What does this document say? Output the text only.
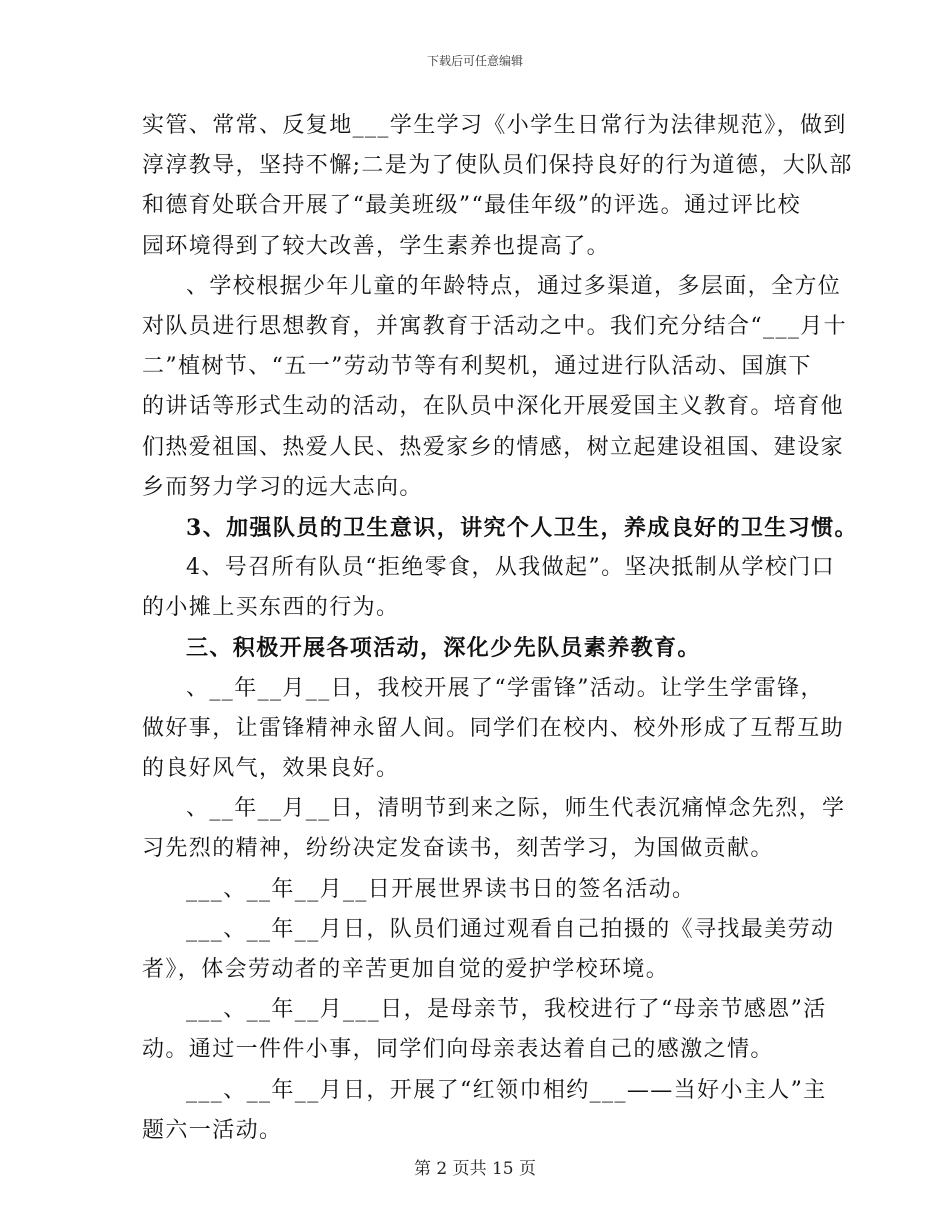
下载后可任意编辑
实管、常常、反复地___学生学习《小学生日常行为法律规范》，做到
淳淳教导，坚持不懈;二是为了使队员们保持良好的行为道德，大队部
和德育处联合开展了“最美班级”“最佳年级”的评选。通过评比校
园环境得到了较大改善，学生素养也提高了。
、学校根据少年儿童的年龄特点，通过多渠道，多层面，全方位
对队员进行思想教育，并寓教育于活动之中。我们充分结合“___月十
二”植树节、“五一”劳动节等有利契机，通过进行队活动、国旗下
的讲话等形式生动的活动，在队员中深化开展爱国主义教育。培育他
们热爱祖国、热爱人民、热爱家乡的情感，树立起建设祖国、建设家
乡而努力学习的远大志向。
3、加强队员的卫生意识，讲究个人卫生，养成良好的卫生习惯。
4、号召所有队员“拒绝零食，从我做起”。坚决抵制从学校门口
的小摊上买东西的行为。
三、积极开展各项活动，深化少先队员素养教育。
、__年__月__日，我校开展了“学雷锋”活动。让学生学雷锋，
做好事，让雷锋精神永留人间。同学们在校内、校外形成了互帮互助
的良好风气，效果良好。
、__年__月__日，清明节到来之际，师生代表沉痛悼念先烈，学
习先烈的精神，纷纷决定发奋读书，刻苦学习，为国做贡献。
___、__年__月__日开展世界读书日的签名活动。
___、__年__月日，队员们通过观看自己拍摄的《寻找最美劳动
者》，体会劳动者的辛苦更加自觉的爱护学校环境。
___、__年__月___日，是母亲节，我校进行了“母亲节感恩”活
动。通过一件件小事，同学们向母亲表达着自己的感激之情。
___、__年__月日，开展了“红领巾相约___——当好小主人”主
题六一活动。
第 2 页共 15 页
